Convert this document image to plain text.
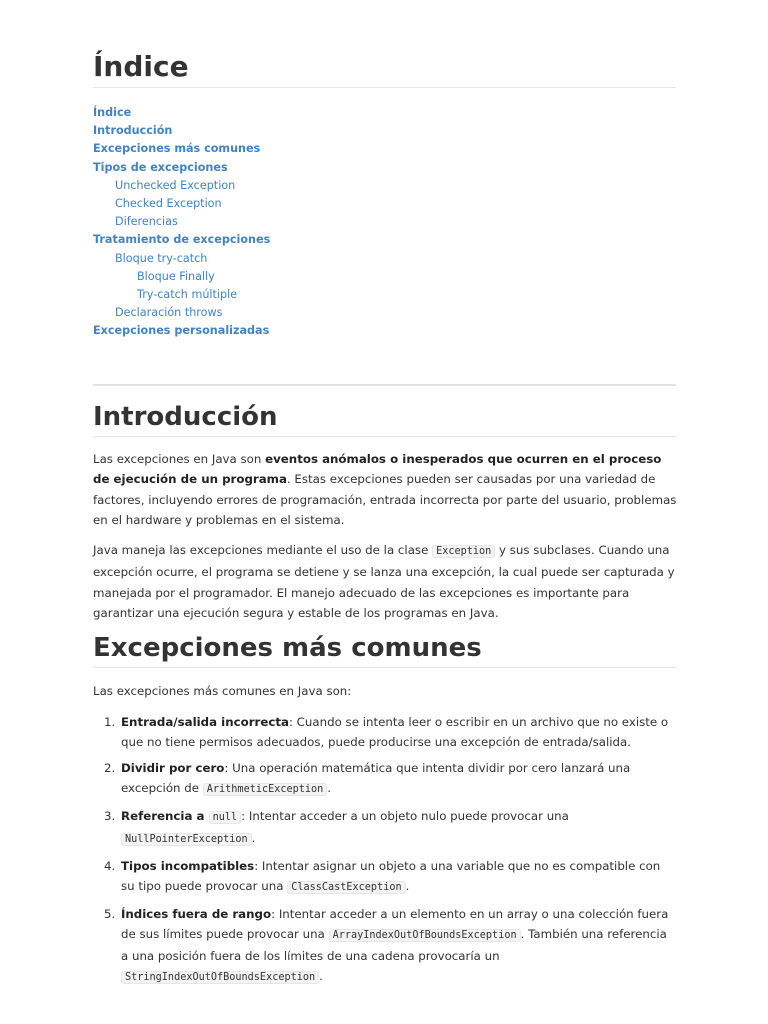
Índice
Índice
Introducción
Excepciones más comunes
Tipos de excepciones
Unchecked Exception
Checked Exception
Diferencias
Tratamiento de excepciones
Bloque try-catch
Bloque Finally
Try-catch múltiple
Declaración throws
Excepciones personalizadas
Introducción

Las excepciones en Java son eventos anómalos o inesperados que ocurren en el proceso de ejecución de un programa. Estas excepciones pueden ser causadas por una variedad de factores, incluyendo errores de programación, entrada incorrecta por parte del usuario, problemas en el hardware y problemas en el sistema.

Java maneja las excepciones mediante el uso de la clase Exception y sus subclases. Cuando una excepción ocurre, el programa se detiene y se lanza una excepción, la cual puede ser capturada y manejada por el programador. El manejo adecuado de las excepciones es importante para garantizar una ejecución segura y estable de los programas en Java.

Excepciones más comunes

Las excepciones más comunes en Java son:

1. Entrada/salida incorrecta: Cuando se intenta leer o escribir en un archivo que no existe o que no tiene permisos adecuados, puede producirse una excepción de entrada/salida.
2. Dividir por cero: Una operación matemática que intenta dividir por cero lanzará una excepción de ArithmeticException .
3. Referencia a null : Intentar acceder a un objeto nulo puede provocar una NullPointerException .
4. Tipos incompatibles: Intentar asignar un objeto a una variable que no es compatible con su tipo puede provocar una ClassCastException .
5. Índices fuera de rango: Intentar acceder a un elemento en un array o una colección fuera de sus límites puede provocar una ArrayIndexOutOfBoundsException . También una referencia a una posición fuera de los límites de una cadena provocaría un StringIndexOutOfBoundsException .
